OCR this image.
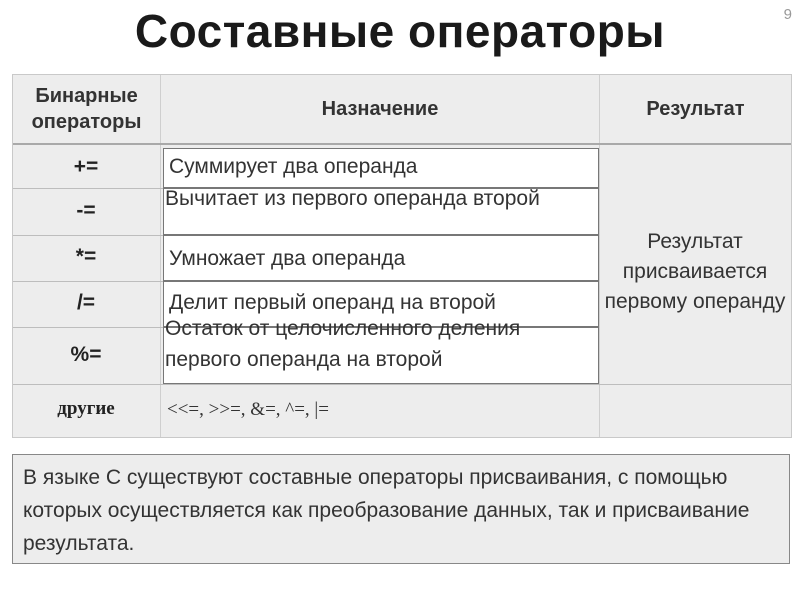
Составные операторы	9
Бинарные операторы
Назначение	Результат
+=
-=
*=
/=
%=
другие
Суммирует два операнда
Вычитает из первого операнда второй
Умножает два операнда
Делит первый операнд на второй
Остаток от целочисленного деления первого операнда на второй
<<=, >>=, &=, ^=, |=
Результат присваивается первому операнду
В языке С существуют составные операторы присваивания, с помощью которых осуществляется как преобразование данных, так и присваивание результата.
